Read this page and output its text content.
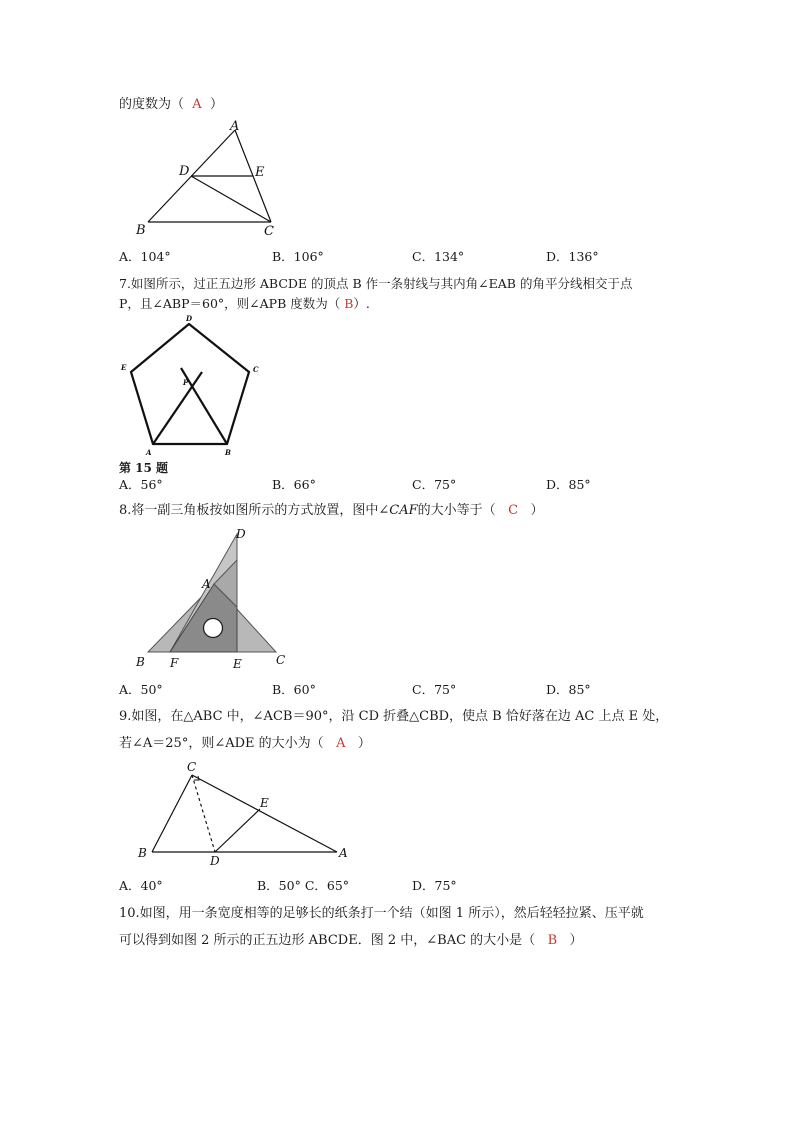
的度数为（ A ）
A
D	E
B	C
A．104°	B．106°	C．134°	D．136°
7.如图所示，过正五边形 ABCDE 的顶点 B 作一条射线与其内角∠EAB 的角平分线相交于点
P，且∠ABP＝60°，则∠APB 度数为（ B）.
D
C
E
P
A	B
第 15 题
A．56°	B．66°	C．75°	D．85°
8.将一副三角板按如图所示的方式放置，图中∠CAF的大小等于（ C ）
D
A
B F	E	C
A．50°	B．60°	C．75°	D．85°
9.如图，在△ABC 中，∠ACB＝90°，沿 CD 折叠△CBD，使点 B 恰好落在边 AC 上点 E 处，
若∠A＝25°，则∠ADE 的大小为（ A ）
C
E
B
D
A
A．40°	B．50° C．65°	D．75°
10.如图，用一条宽度相等的足够长的纸条打一个结（如图 1 所示），然后轻轻拉紧、压平就
可以得到如图 2 所示的正五边形 ABCDE．图 2 中，∠BAC 的大小是（ B ）
